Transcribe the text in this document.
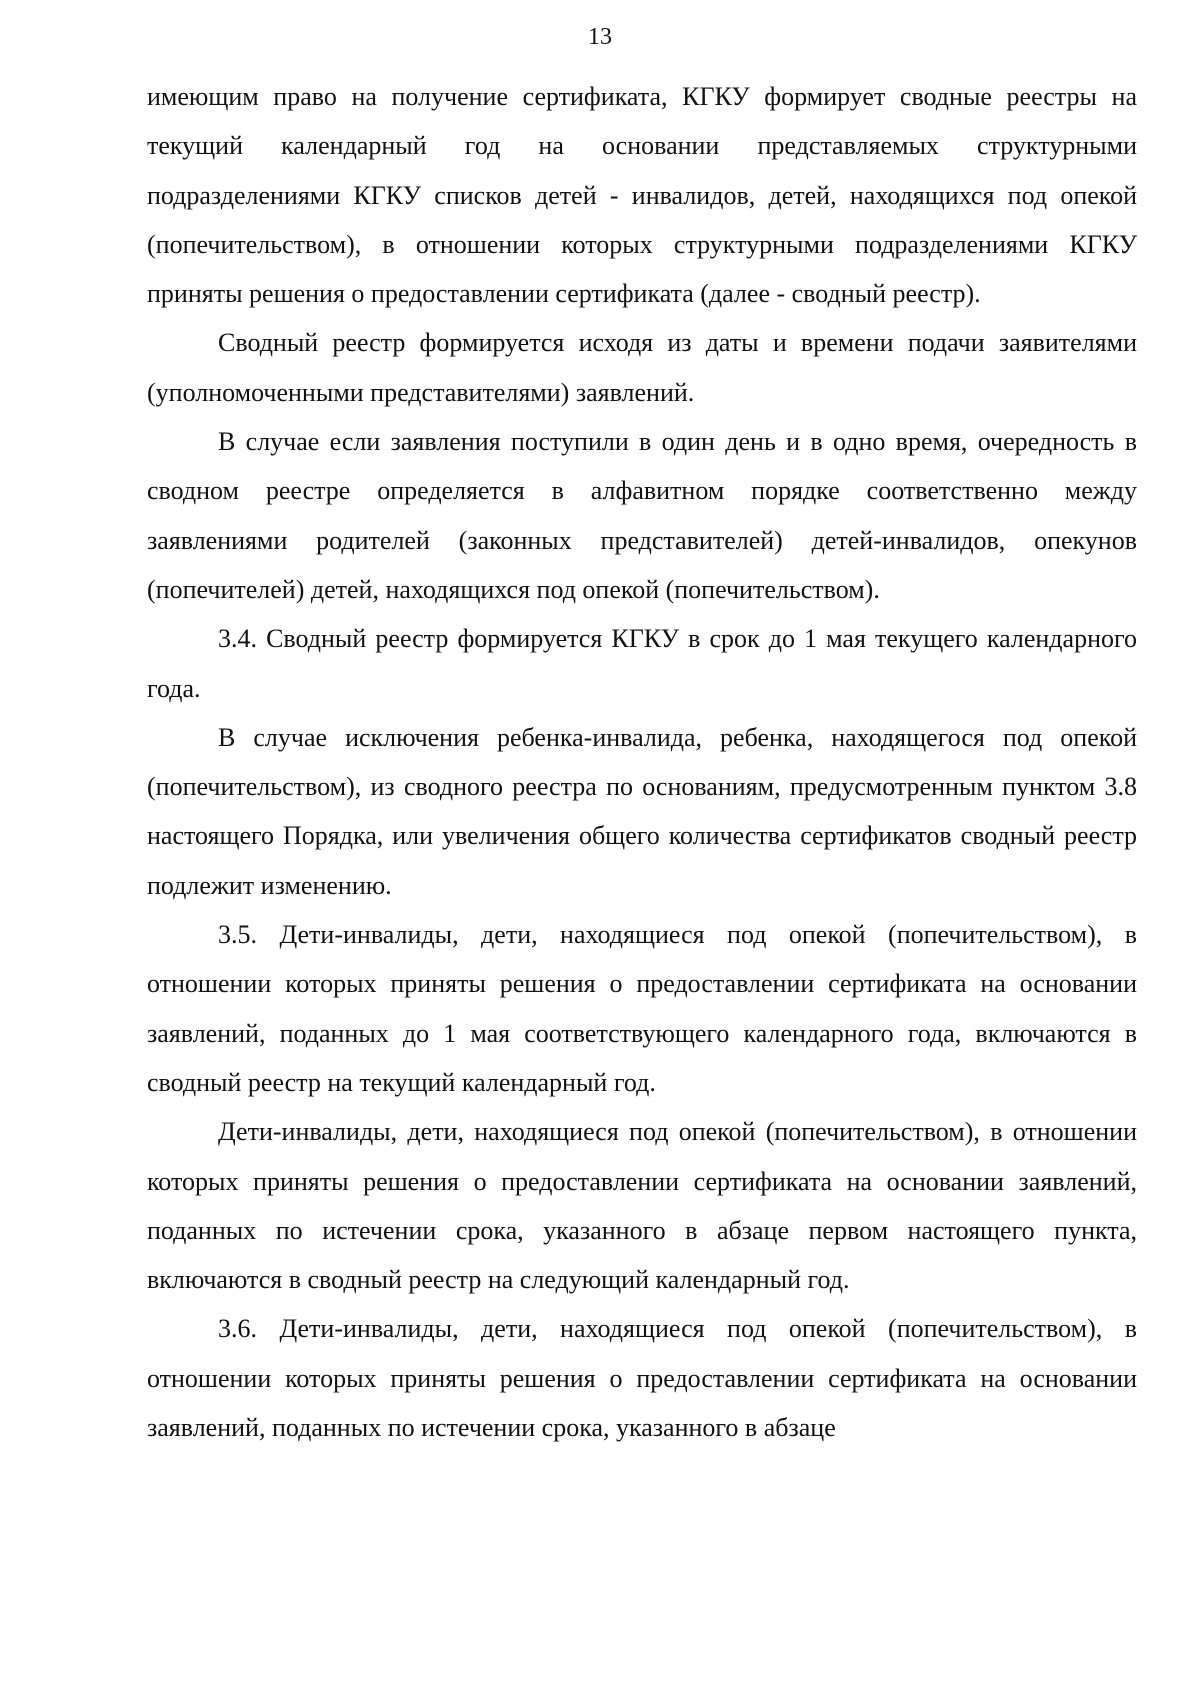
13

имеющим право на получение сертификата, КГКУ формирует сводные реестры на текущий календарный год на основании представляемых структурными подразделениями КГКУ списков детей - инвалидов, детей, находящихся под опекой (попечительством), в отношении которых структурными подразделениями КГКУ приняты решения о предоставлении сертификата (далее - сводный реестр).

Сводный реестр формируется исходя из даты и времени подачи заявителями (уполномоченными представителями) заявлений.

В случае если заявления поступили в один день и в одно время, очередность в сводном реестре определяется в алфавитном порядке соответственно между заявлениями родителей (законных представителей) детей-инвалидов, опекунов (попечителей) детей, находящихся под опекой (попечительством).

3.4. Сводный реестр формируется КГКУ в срок до 1 мая текущего календарного года.

В случае исключения ребенка-инвалида, ребенка, находящегося под опекой (попечительством), из сводного реестра по основаниям, предусмотренным пунктом 3.8 настоящего Порядка, или увеличения общего количества сертификатов сводный реестр подлежит изменению.

3.5. Дети-инвалиды, дети, находящиеся под опекой (попечительством), в отношении которых приняты решения о предоставлении сертификата на основании заявлений, поданных до 1 мая соответствующего календарного года, включаются в сводный реестр на текущий календарный год.

Дети-инвалиды, дети, находящиеся под опекой (попечительством), в отношении которых приняты решения о предоставлении сертификата на основании заявлений, поданных по истечении срока, указанного в абзаце первом настоящего пункта, включаются в сводный реестр на следующий календарный год.

3.6. Дети-инвалиды, дети, находящиеся под опекой (попечительством), в отношении которых приняты решения о предоставлении сертификата на основании заявлений, поданных по истечении срока, указанного в абзаце
